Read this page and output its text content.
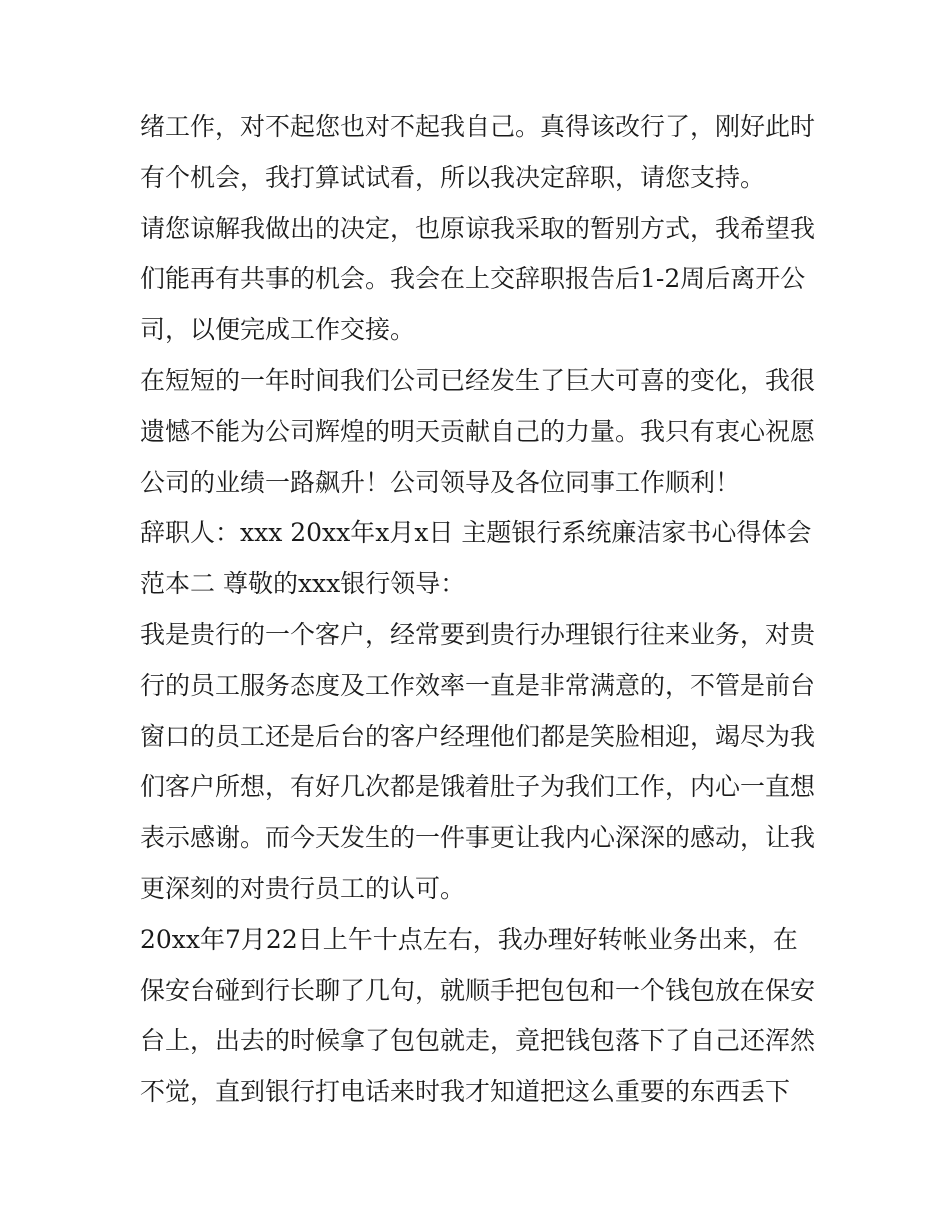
绪工作，对不起您也对不起我自己。真得该改行了，刚好此时
有个机会，我打算试试看，所以我决定辞职，请您支持。
请您谅解我做出的决定，也原谅我采取的暂别方式，我希望我
们能再有共事的机会。我会在上交辞职报告后1-2周后离开公
司，以便完成工作交接。
在短短的一年时间我们公司已经发生了巨大可喜的变化，我很
遗憾不能为公司辉煌的明天贡献自己的力量。我只有衷心祝愿
公司的业绩一路飙升！公司领导及各位同事工作顺利！
辞职人：xxx 20xx年x月x日 主题银行系统廉洁家书心得体会
范本二 尊敬的xxx银行领导：
我是贵行的一个客户，经常要到贵行办理银行往来业务，对贵
行的员工服务态度及工作效率一直是非常满意的，不管是前台
窗口的员工还是后台的客户经理他们都是笑脸相迎，竭尽为我
们客户所想，有好几次都是饿着肚子为我们工作，内心一直想
表示感谢。而今天发生的一件事更让我内心深深的感动，让我
更深刻的对贵行员工的认可。
20xx年7月22日上午十点左右，我办理好转帐业务出来，在
保安台碰到行长聊了几句，就顺手把包包和一个钱包放在保安
台上，出去的时候拿了包包就走，竟把钱包落下了自己还浑然
不觉，直到银行打电话来时我才知道把这么重要的东西丢下
